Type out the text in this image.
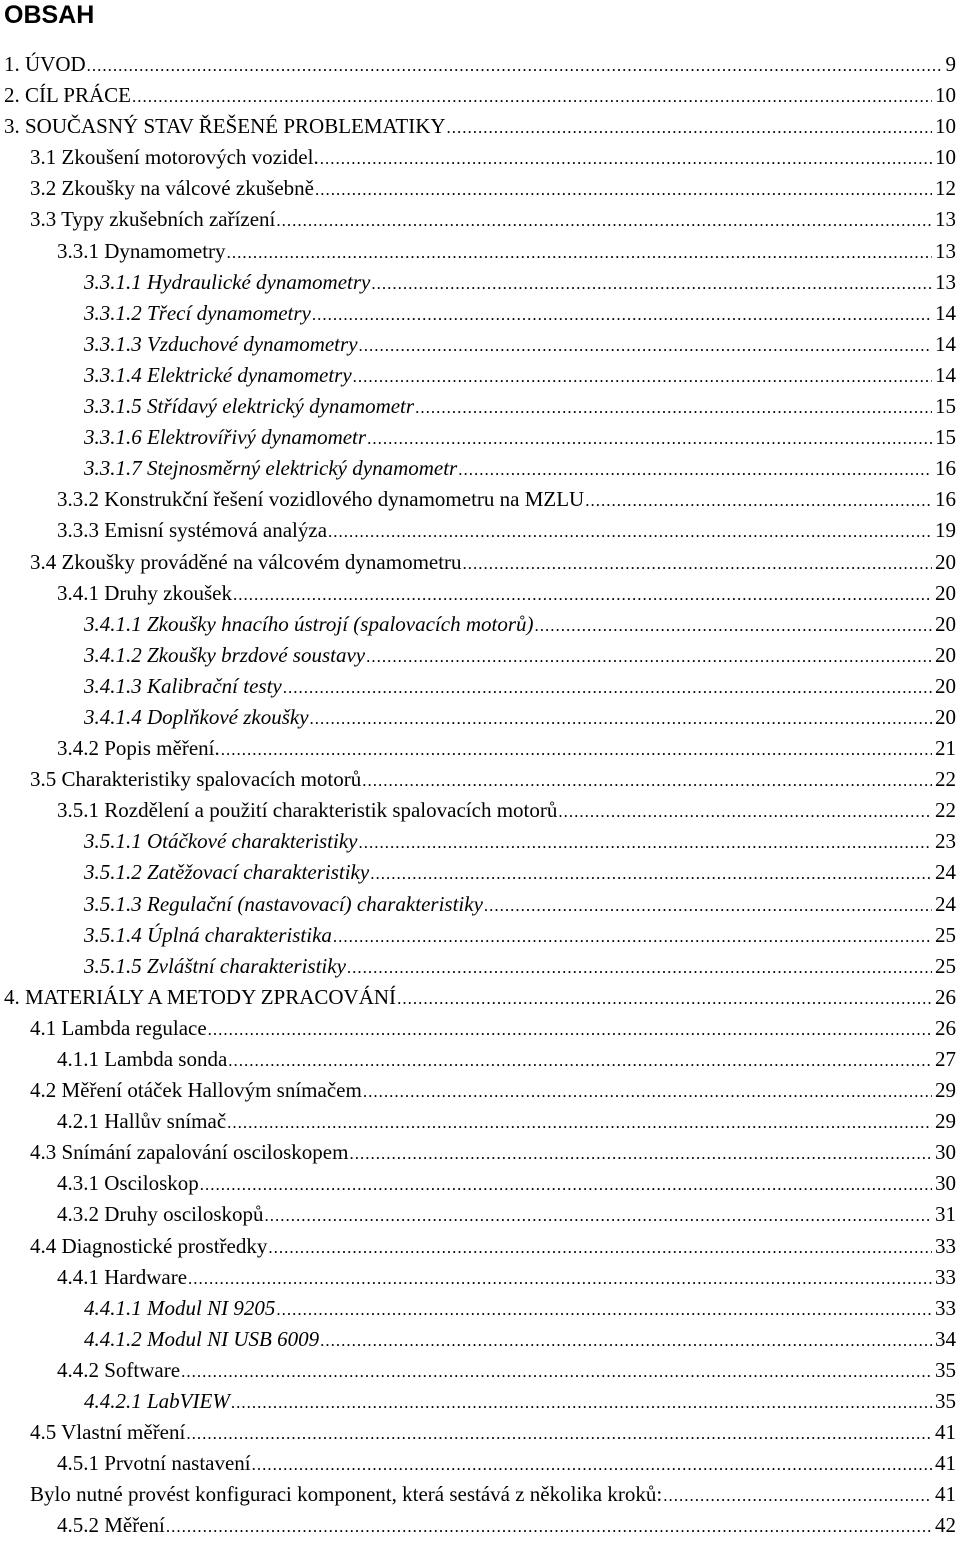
OBSAH
1. ÚVOD .....	9
2. CÍL PRÁCE .....	10
3. SOUČASNÝ STAV ŘEŠENÉ PROBLEMATIKY .....	10
3.1 Zkoušení motorových vozidel. .....	10
3.2 Zkoušky na válcové zkušebně .....	12
3.3 Typy zkušebních zařízení .....	13
3.3.1 Dynamometry .....	13
3.3.1.1 Hydraulické dynamometry .....	13
3.3.1.2 Třecí dynamometry .....	14
3.3.1.3 Vzduchové dynamometry .....	14
3.3.1.4 Elektrické dynamometry .....	14
3.3.1.5 Střídavý elektrický dynamometr .....	15
3.3.1.6 Elektrovířivý dynamometr .....	15
3.3.1.7 Stejnosměrný elektrický dynamometr .....	16
3.3.2 Konstrukční řešení vozidlového dynamometru na MZLU .....	16
3.3.3 Emisní systémová analýza .....	19
3.4 Zkoušky prováděné na válcovém dynamometru .....	20
3.4.1 Druhy zkoušek .....	20
3.4.1.1 Zkoušky hnacího ústrojí (spalovacích motorů) .....	20
3.4.1.2 Zkoušky brzdové soustavy .....	20
3.4.1.3 Kalibrační testy .....	20
3.4.1.4 Doplňkové zkoušky .....	20
3.4.2 Popis měření. .....	21
3.5 Charakteristiky spalovacích motorů .....	22
3.5.1 Rozdělení a použití charakteristik spalovacích motorů .....	22
3.5.1.1 Otáčkové charakteristiky .....	23
3.5.1.2 Zatěžovací charakteristiky .....	24
3.5.1.3 Regulační (nastavovací) charakteristiky .....	24
3.5.1.4 Úplná charakteristika .....	25
3.5.1.5 Zvláštní charakteristiky .....	25
4. MATERIÁLY A METODY ZPRACOVÁNÍ .....	26
4.1 Lambda regulace .....	26
4.1.1 Lambda sonda .....	27
4.2 Měření otáček Hallovým snímačem .....	29
4.2.1 Hallův snímač .....	29
4.3 Snímání zapalování osciloskopem .....	30
4.3.1 Osciloskop .....	30
4.3.2 Druhy osciloskopů .....	31
4.4 Diagnostické prostředky .....	33
4.4.1 Hardware .....	33
4.4.1.1 Modul NI 9205 .....	33
4.4.1.2 Modul NI USB 6009 .....	34
4.4.2 Software .....	35
4.4.2.1 LabVIEW .....	35
4.5 Vlastní měření .....	41
4.5.1 Prvotní nastavení .....	41
Bylo nutné provést konfiguraci komponent, která sestává z několika kroků: .....	41
4.5.2 Měření .....	42
